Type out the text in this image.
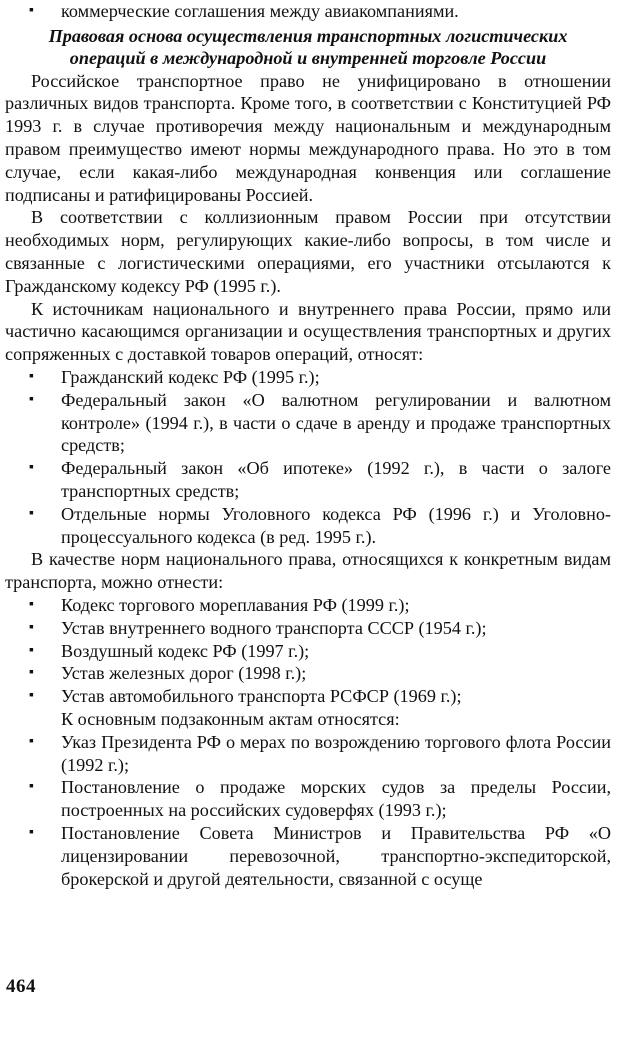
▪ коммерческие соглашения между авиакомпаниями.
Правовая основа осуществления транспортных логистических
операций в международной и внутренней торговле России

Российское транспортное право не унифицировано в отношении различных видов транспорта. Кроме того, в соответствии с Конституцией РФ 1993 г. в случае противоречия между национальным и международным правом преимущество имеют нормы международного права. Но это в том случае, если какая-либо международная конвенция или соглашение подписаны и ратифицированы Россией.

В соответствии с коллизионным правом России при отсутствии необходимых норм, регулирующих какие-либо вопросы, в том числе и связанные с логистическими операциями, его участники отсылаются к Гражданскому кодексу РФ (1995 г.).

К источникам национального и внутреннего права России, прямо или частично касающимся организации и осуществления транспортных и других сопряженных с доставкой товаров операций, относят:

▪ Гражданский кодекс РФ (1995 г.);
▪ Федеральный закон «О валютном регулировании и валютном контроле» (1994 г.), в части о сдаче в аренду и продаже транспортных средств;
▪ Федеральный закон «Об ипотеке» (1992 г.), в части о залоге транспортных средств;
▪ Отдельные нормы Уголовного кодекса РФ (1996 г.) и Уголовно-процессуального кодекса (в ред. 1995 г.).

В качестве норм национального права, относящихся к конкретным видам транспорта, можно отнести:

▪ Кодекс торгового мореплавания РФ (1999 г.);
▪ Устав внутреннего водного транспорта СССР (1954 г.);
▪ Воздушный кодекс РФ (1997 г.);
▪ Устав железных дорог (1998 г.);
▪ Устав автомобильного транспорта РСФСР (1969 г.);
К основным подзаконным актам относятся:
▪ Указ Президента РФ о мерах по возрождению торгового флота России (1992 г.);
▪ Постановление о продаже морских судов за пределы России, построенных на российских судоверфях (1993 г.);
▪ Постановление Совета Министров и Правительства РФ «О лицензировании перевозочной, транспортно-экспедиторской, брокерской и другой деятельности, связанной с осуще
464
